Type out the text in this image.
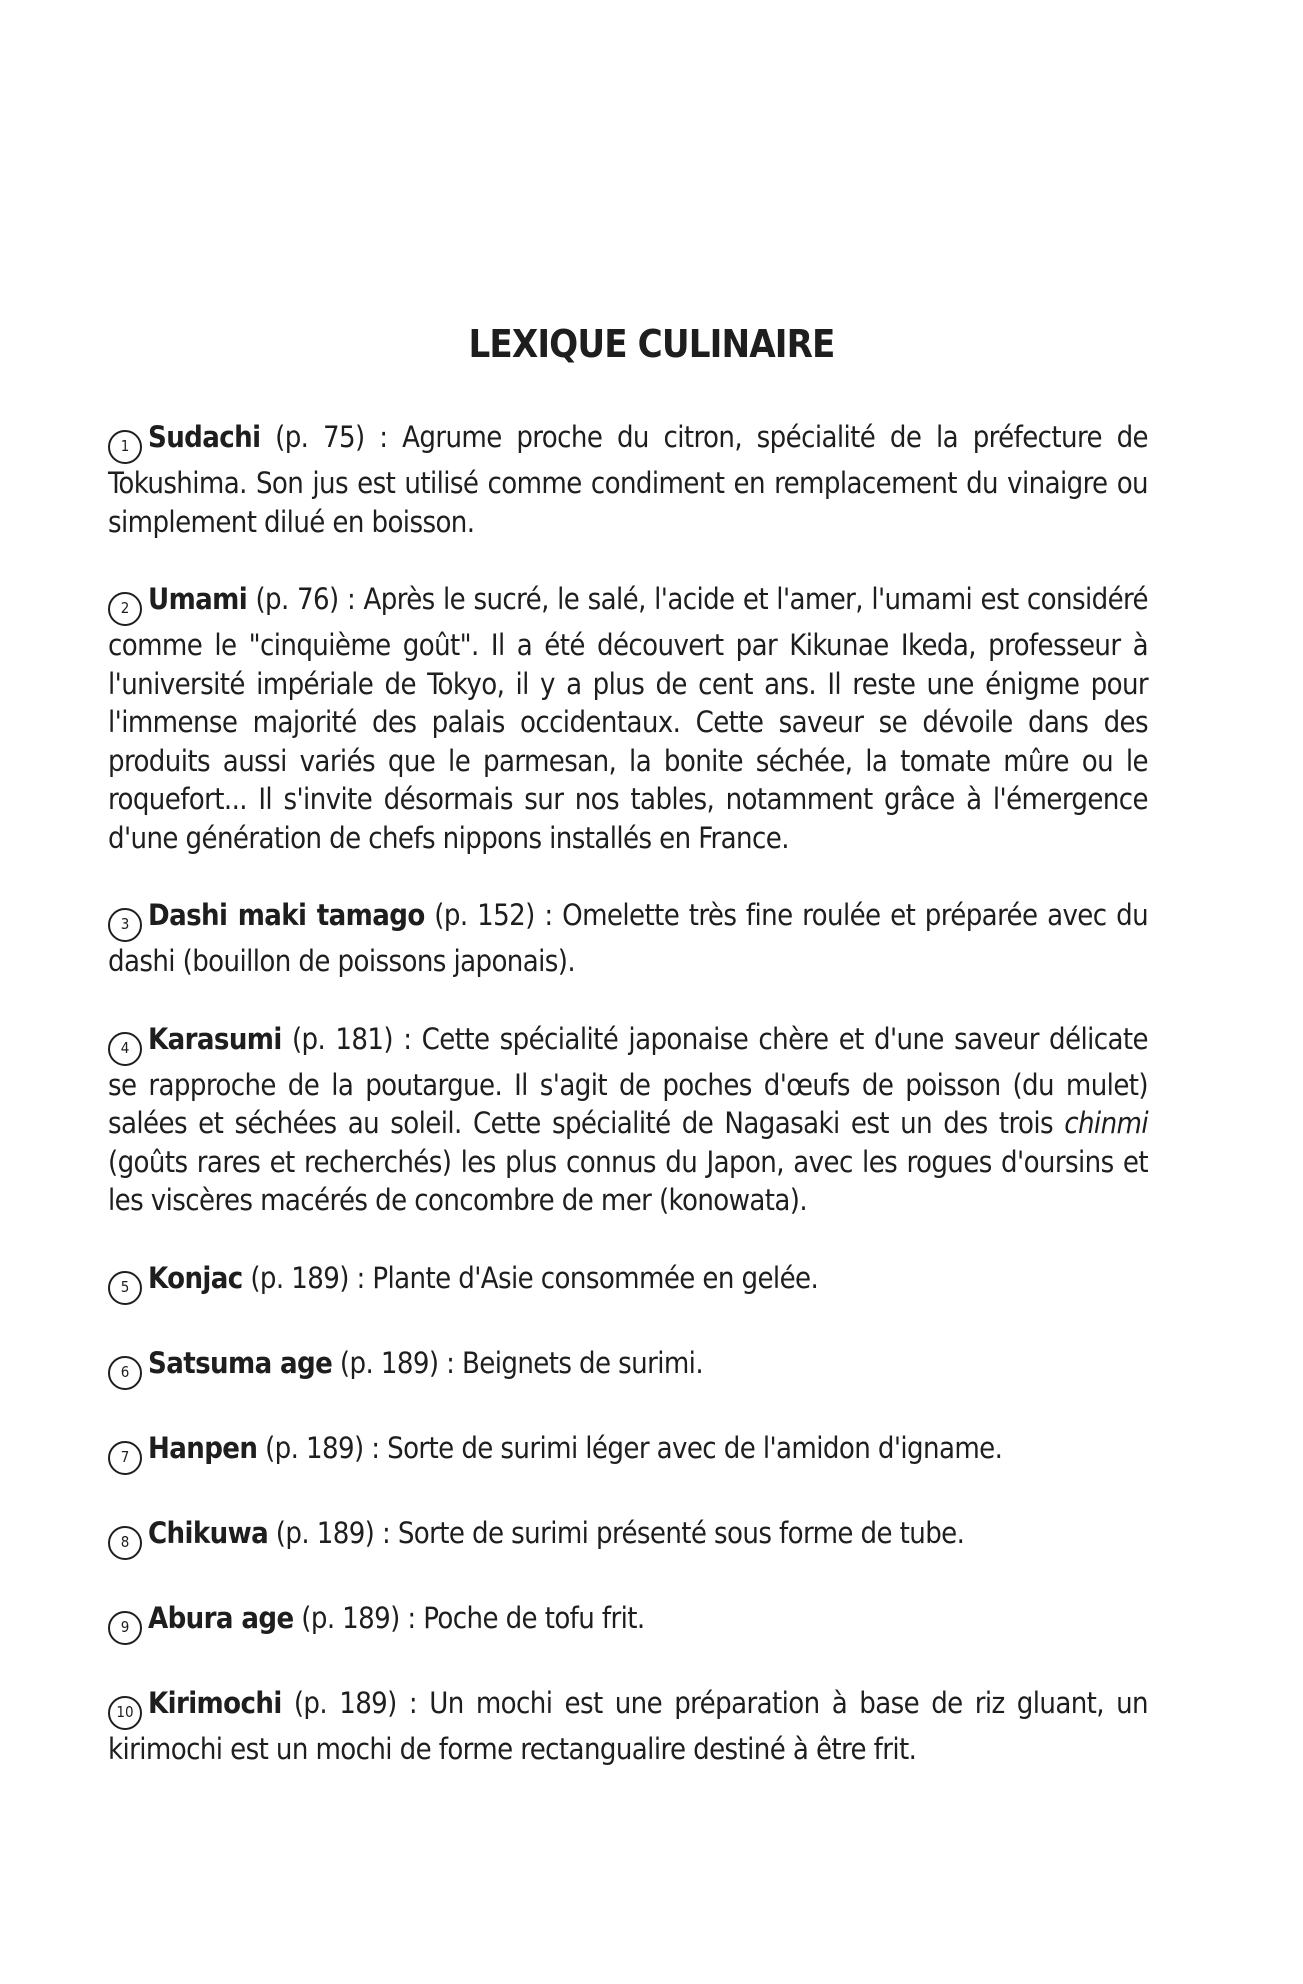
LEXIQUE CULINAIRE

1 Sudachi (p. 75) : Agrume proche du citron, spécialité de la préfecture de Tokushima. Son jus est utilisé comme condiment en remplacement du vinaigre ou simplement dilué en boisson.

2 Umami (p. 76) : Après le sucré, le salé, l'acide et l'amer, l'umami est considéré comme le "cinquième goût". Il a été découvert par Kikunae Ikeda, professeur à l'université impériale de Tokyo, il y a plus de cent ans. Il reste une énigme pour l'immense majorité des palais occidentaux. Cette saveur se dévoile dans des produits aussi variés que le parmesan, la bonite séchée, la tomate mûre ou le roquefort... Il s'invite désormais sur nos tables, notamment grâce à l'émergence d'une génération de chefs nippons installés en France.

3 Dashi maki tamago (p. 152) : Omelette très fine roulée et préparée avec du dashi (bouillon de poissons japonais).

4 Karasumi (p. 181) : Cette spécialité japonaise chère et d'une saveur délicate se rapproche de la poutargue. Il s'agit de poches d'œufs de poisson (du mulet) salées et séchées au soleil. Cette spécialité de Nagasaki est un des trois chinmi (goûts rares et recherchés) les plus connus du Japon, avec les rogues d'oursins et les viscères macérés de concombre de mer (konowata).

5 Konjac (p. 189) : Plante d'Asie consommée en gelée.

6 Satsuma age (p. 189) : Beignets de surimi.

7 Hanpen (p. 189) : Sorte de surimi léger avec de l'amidon d'igname.

8 Chikuwa (p. 189) : Sorte de surimi présenté sous forme de tube.

9 Abura age (p. 189) : Poche de tofu frit.

10 Kirimochi (p. 189) : Un mochi est une préparation à base de riz gluant, un kirimochi est un mochi de forme rectangualire destiné à être frit.
